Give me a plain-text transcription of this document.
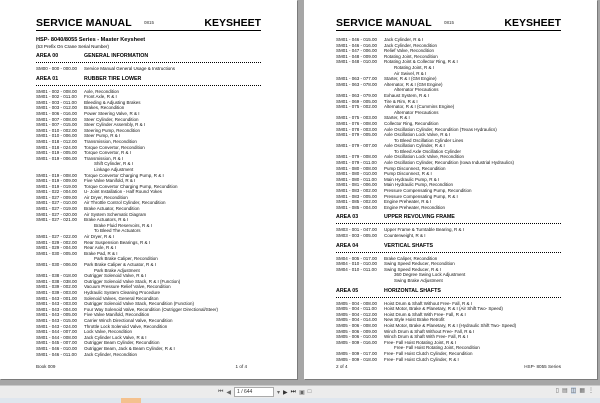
SERVICE MANUAL	0815	KEYSHEET
HSP- 8040/8055 Series - Master Keysheet
(53 Prefix On Crane Serial Number)
AREA 00	GENERAL INFORMATION
SM00 - 000 - 000.00	Service Manual General Usage & Instructions
AREA 01	RUBBER TIRE LOWER
SM01 - 002 - 008.00	Axle, Recondition
SM01 - 002 - 011.00	Front Axle, R & I
SM01 - 003 - 011.00	Bleeding & Adjusting Brakes
SM01 - 003 - 012.00	Brakes, Recondition
SM01 - 006 - 016.00	Power Steering Valve, R & I
SM01 - 007 - 008.00	Steer Cylinder, Recondition
SM01 - 007 - 015.00	Steer Cylinder Assembly, R & I
SM01 - 010 - 002.00	Steering Pump, Recondition
SM01 - 010 - 006.00	Steer Pump, R & I
SM01 - 018 - 012.00	Transmission, Recondition
SM01 - 018 - 024.00	Torque Convertor, Recondition
SM01 - 019 - 005.00	Torque Convertor, R & I
SM01 - 019 - 006.00	Transmission, R & I
Shift Cylinder, R & I
Linkage Adjustment
SM01 - 019 - 008.00	Torque Convertor Charging Pump, R & I
SM01 - 019 - 009.00	Five Valve Manifold, R & I
SM01 - 019 - 019.00	Torque Convertor Charging Pump, Recondition
SM01 - 022 - 004.00	U- Joint Installation - Half Round Yokes
SM01 - 027 - 009.00	Air Dryer, Recondition
SM01 - 027 - 010.00	Air Throttle Control Cylinder, Recondition
SM01 - 027 - 019.00	Brake Actuator, Recondition
SM01 - 027 - 020.00	Air System Schematic Diagram
SM01 - 027 - 021.00	Brake Actuators, R & I
Brake Fluid Reservoirs, R & I
To Bleed The Actuators
SM01 - 027 - 022.00	Air Dryer, R & I
SM01 - 029 - 002.00	Rear Suspension Bearings, R & I
SM01 - 029 - 004.00	Rear Axle, R & I
SM01 - 030 - 005.00	Brake Pad, R & I
Park Brake Caliper, Recondition
SM01 - 030 - 006.00	Park Brake Caliper & Actuator, R & I
Park Brake Adjustment
SM01 - 038 - 018.00	Outrigger Solenoid Valve, R & I
SM01 - 038 - 038.00	Outrigger Solenoid Valve Stack, R & I (Function)
SM01 - 039 - 002.00	Vacuum Pressure Relief Valve, Recondition
SM01 - 039 - 003.00	Hydraulic System Cleaning Procedure
SM01 - 043 - 001.00	Solenoid Valves, General Reconditon
SM01 - 043 - 003.00	Outrigger Solenoid Valve Stack, Recondition (Function)
SM01 - 043 - 004.00	Four Way Solenoid Valve, Recondition (Outrigger Directional/Steer)
SM01 - 043 - 005.00	Five Valve Manifold, Recondition
SM01 - 043 - 015.00	Carrier Winch Directional Valve, Recondition
SM01 - 043 - 024.00	Throttle Lock Solenoid Valve, Recondition
SM01 - 044 - 007.00	Lock Valve, Recondition
SM01 - 044 - 008.00	Jack Cylinder Lock Valve, R & I
SM01 - 045 - 007.00	Outrigger Beam Cylinder, Recondition
SM01 - 046 - 010.00	Outrigger Beam, Jack & Beam Cylinder, R & I
SM01 - 046 - 011.00	Jack Cylinder, Recondition
Book 009	1 of 4
SERVICE MANUAL	0815	KEYSHEET
SM01 - 046 - 015.00	Jack Cylinder, R & I
SM01 - 046 - 016.00	Jack Cylinder, Recondition
SM01 - 047 - 006.00	Relief Valve, Recondition
SM01 - 048 - 009.00	Rotating Joint, Recondition
SM01 - 048 - 010.00	Rotating Joint & Collector Ring, R & I
Rotating Joint, R & I
Air Swivel, R & I
SM01 - 063 - 077.00	Starter, R & I (GM Engine)
SM01 - 063 - 078.00	Alternator, R & I (GM Engine)
Alternator Precautions
SM01 - 063 - 079.00	Exhaust System, R & I
SM01 - 069 - 005.00	Tire & Rim, R & I
SM01 - 075 - 002.00	Alternator, R & I (Cummins Engine)
Alternator Precautions
SM01 - 075 - 003.00	Starter, R & I
SM01 - 076 - 008.00	Collector Ring, Recondition
SM01 - 078 - 003.00	Axle Oscillation Cylinder, Recondition (Texas Hydraulics)
SM01 - 079 - 005.00	Axle Oscillation Lock Valve, R & I
To Bleed Oscillation Cylinder Lines
SM01 - 079 - 007.00	Axle Oscillation Cylinder, R & I
To Bleed Axle Oscillation Cylinder
SM01 - 079 - 008.00	Axle Oscillation Lock Valve, Recondition
SM01 - 079 - 011.00	Axle Oscillation Cylinder, Recondition (Iowa Industrial Hydraulics)
SM01 - 080 - 008.00	Pump Disconnect, Recondition
SM01 - 080 - 010.00	Pump Disconnect, R & I
SM01 - 080 - 011.00	Main Hydraulic Pump, R & I
SM01 - 081 - 006.00	Main Hydraulic Pump, Recondition
SM01 - 083 - 002.00	Pressure Compensating Pump, Recondition
SM01 - 083 - 005.00	Pressure Compensating Pump, R & I
SM01 - 085 - 002.00	Engine Preheater, R & I
SM01 - 085 - 004.00	Engine Preheater, Recondition
AREA 03	UPPER REVOLVING FRAME
SM03 - 001 - 047.00	Upper Frame & Turntable Bearing, R & I
SM03 - 003 - 005.00	Counterweight, R & I
AREA 04	VERTICAL SHAFTS
SM04 - 005 - 017.00	Brake Caliper, Recondition
SM04 - 010 - 010.00	Swing Speed Reducer, Recondition
SM04 - 010 - 011.00	Swing Speed Reducer, R & I
360 Degree Swing Lock Adjustment
Swing Brake Adjustment
AREA 05	HORIZONTAL SHAFTS
SM05 - 004 - 008.00	Hoist Drum & Shaft Without Free- Fall, R & I
SM05 - 004 - 011.00	Hoist Motor, Brake & Planetary, R & I (Air Shift Two- Speed)
SM05 - 004 - 012.00	Hoist Drum & Shaft With Free- Fall, R & I
SM05 - 004 - 014.00	New Style Hoist Brake Retrofit
SM05 - 006 - 008.00	Hoist Motor, Brake & Planetary, R & I (Hydraulic Shift Two- Speed)
SM05 - 006 - 009.00	Winch Drum & Shaft Without Free- Fall, R & I
SM05 - 006 - 010.00	Winch Drum & Shaft With Free- Fall, R & I
SM05 - 009 - 016.00	Free- Fall Hoist Rotating Joint, R & I
Free- Fall Hoist Rotating Joint, Recondition
SM05 - 009 - 017.00	Free- Fall Hoist Clutch Cylinder, Recondition
SM05 - 009 - 018.00	Free- Fall Hoist Clutch Cylinder, R & I
2 of 4	HSP- 8055 Series
⏮ ◀	1 / 644	▾ ▶ ⏭ ▣ □	▯ ▤ ◫ ▦ ⋮
